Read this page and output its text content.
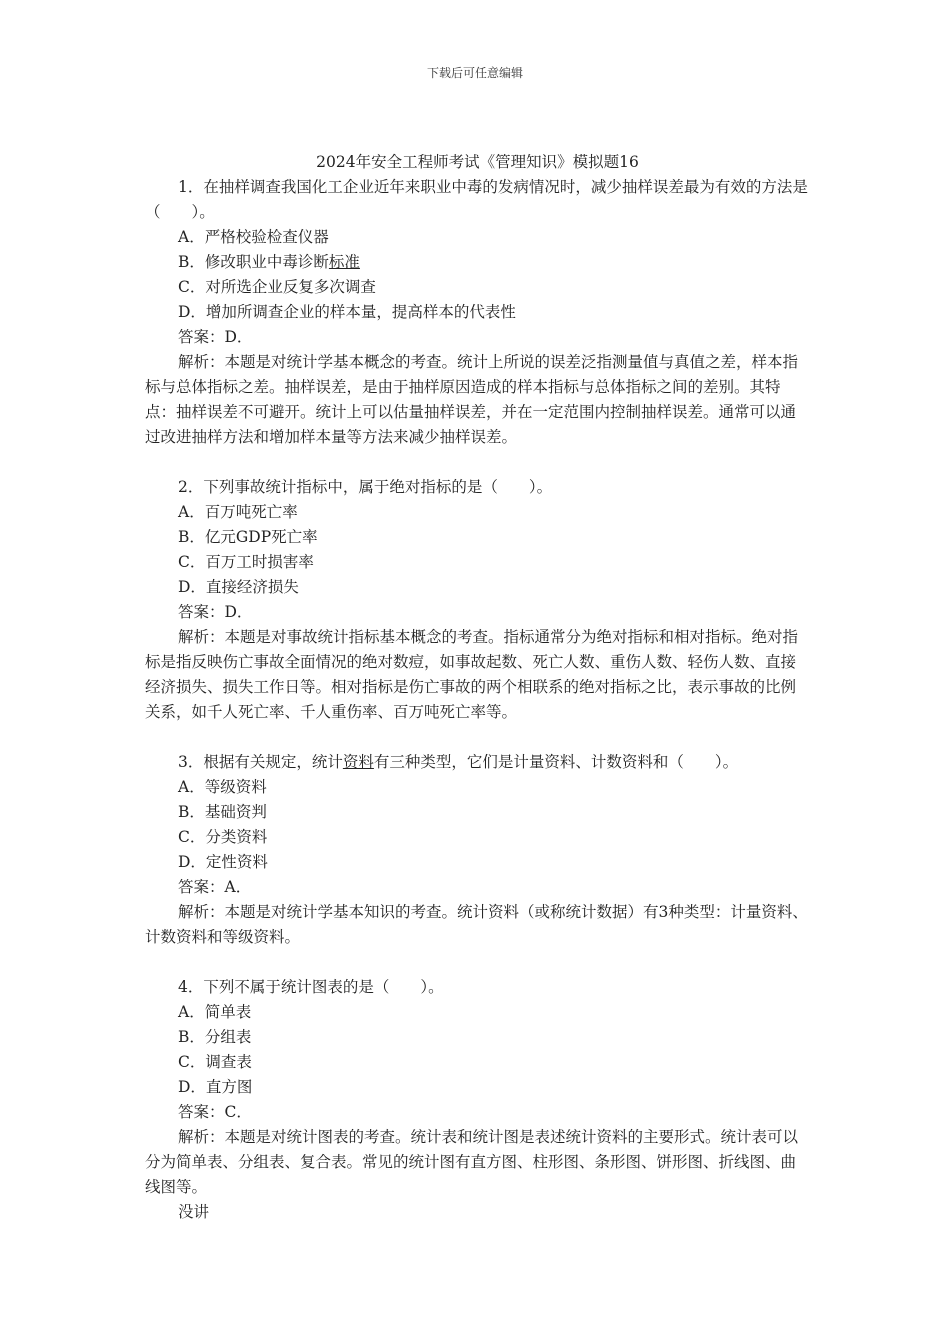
下载后可任意编辑
2024年安全工程师考试《管理知识》模拟题16

1．在抽样调查我国化工企业近年来职业中毒的发病情况时，减少抽样误差最为有效的方法是（　　）。

A．严格校验检查仪器

B．修改职业中毒诊断标准

C．对所选企业反复多次调查

D．增加所调查企业的样本量，提高样本的代表性

答案：D．

解析：本题是对统计学基本概念的考查。统计上所说的误差泛指测量值与真值之差，样本指标与总体指标之差。抽样误差，是由于抽样原因造成的样本指标与总体指标之间的差别。其特点：抽样误差不可避开。统计上可以估量抽样误差，并在一定范围内控制抽样误差。通常可以通过改进抽样方法和增加样本量等方法来减少抽样误差。

2．下列事故统计指标中，属于绝对指标的是（　　）。

A．百万吨死亡率

B．亿元GDP死亡率

C．百万工时损害率

D．直接经济损失

答案：D．

解析：本题是对事故统计指标基本概念的考查。指标通常分为绝对指标和相对指标。绝对指标是指反映伤亡事故全面情况的绝对数痘，如事故起数、死亡人数、重伤人数、轻伤人数、直接经济损失、损失工作日等。相对指标是伤亡事故的两个相联系的绝对指标之比，表示事故的比例关系，如千人死亡率、千人重伤率、百万吨死亡率等。

3．根据有关规定，统计资料有三种类型，它们是计量资料、计数资料和（　　）。

A．等级资料

B．基础资判

C．分类资料

D．定性资料

答案：A．

解析：本题是对统计学基本知识的考查。统计资料（或称统计数据）有3种类型：计量资料、计数资料和等级资料。

4．下列不属于统计图表的是（　　）。

A．简单表

B．分组表

C．调查表

D．直方图

答案：C．

解析：本题是对统计图表的考查。统计表和统计图是表述统计资料的主要形式。统计表可以分为简单表、分组表、复合表。常见的统计图有直方图、柱形图、条形图、饼形图、折线图、曲线图等。

没讲
